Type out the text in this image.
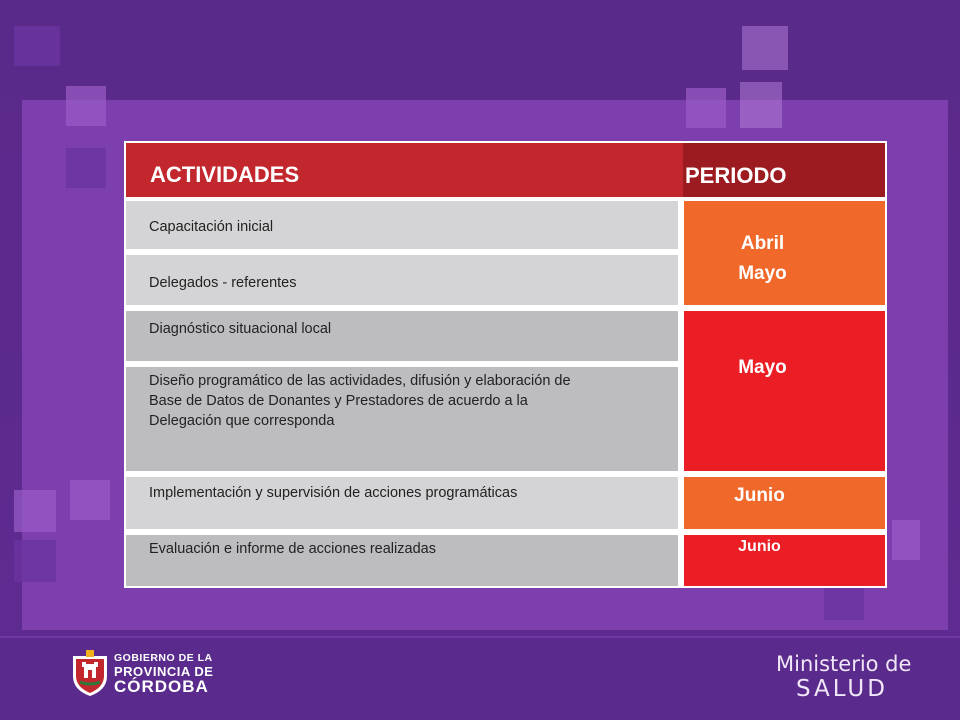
ACTIVIDADES	PERIODO
Capacitación inicial
Delegados - referentes
Diagnóstico situacional local
Diseño programático de las actividades, difusión y elaboración de Base de Datos de Donantes y Prestadores de acuerdo a la Delegación que corresponda
Implementación y supervisión de acciones programáticas
Evaluación e informe de acciones realizadas
Abril
Mayo
Mayo
Junio
Junio
GOBIERNO DE LA
PROVINCIA DE
CÓRDOBA
Ministerio de
SALUD
